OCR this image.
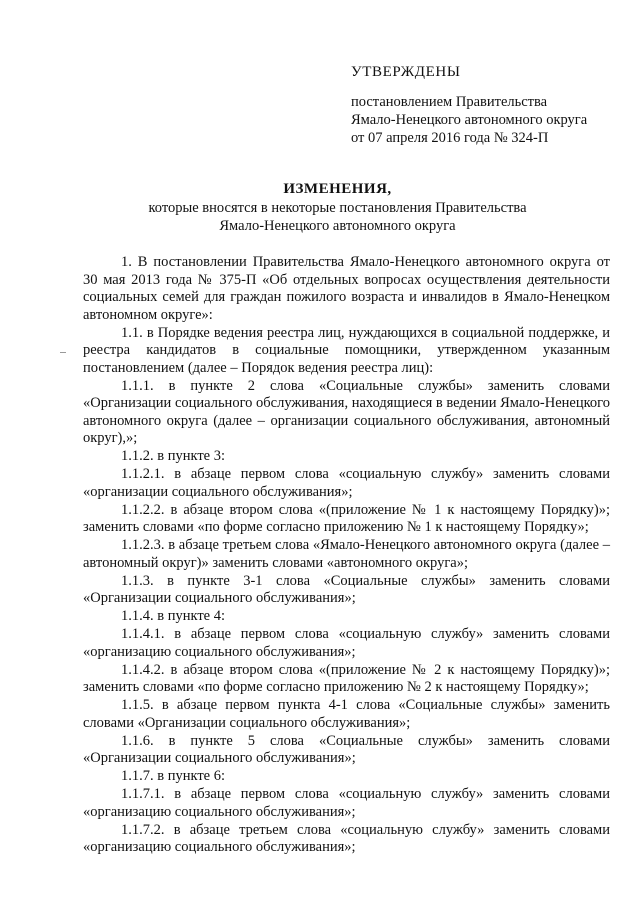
УТВЕРЖДЕНЫ
постановлением Правительства
Ямало-Ненецкого автономного округа
от 07 апреля 2016 года № 324-П
ИЗМЕНЕНИЯ,
которые вносятся в некоторые постановления Правительства
Ямало-Ненецкого автономного округа

1. В постановлении Правительства Ямало-Ненецкого автономного округа от 30 мая 2013 года № 375-П «Об отдельных вопросах осуществления деятельности социальных семей для граждан пожилого возраста и инвалидов в Ямало-Ненецком автономном округе»:

1.1. в Порядке ведения реестра лиц, нуждающихся в социальной поддержке, и реестра кандидатов в социальные помощники, утвержденном указанным постановлением (далее – Порядок ведения реестра лиц):

1.1.1. в пункте 2 слова «Социальные службы» заменить словами «Организации социального обслуживания, находящиеся в ведении Ямало-Ненецкого автономного округа (далее – организации социального обслуживания, автономный округ),»;

1.1.2. в пункте 3:

1.1.2.1. в абзаце первом слова «социальную службу» заменить словами «организации социального обслуживания»;

1.1.2.2. в абзаце втором слова «(приложение № 1 к настоящему Порядку)»; заменить словами «по форме согласно приложению № 1 к настоящему Порядку»;

1.1.2.3. в абзаце третьем слова «Ямало-Ненецкого автономного округа (далее – автономный округ)» заменить словами «автономного округа»;

1.1.3. в пункте 3-1 слова «Социальные службы» заменить словами «Организации социального обслуживания»;

1.1.4. в пункте 4:

1.1.4.1. в абзаце первом слова «социальную службу» заменить словами «организацию социального обслуживания»;

1.1.4.2. в абзаце втором слова «(приложение № 2 к настоящему Порядку)»; заменить словами «по форме согласно приложению № 2 к настоящему Порядку»;

1.1.5. в абзаце первом пункта 4-1 слова «Социальные службы» заменить словами «Организации социального обслуживания»;

1.1.6. в пункте 5 слова «Социальные службы» заменить словами «Организации социального обслуживания»;

1.1.7. в пункте 6:

1.1.7.1. в абзаце первом слова «социальную службу» заменить словами «организацию социального обслуживания»;

1.1.7.2. в абзаце третьем слова «социальную службу» заменить словами «организацию социального обслуживания»;
